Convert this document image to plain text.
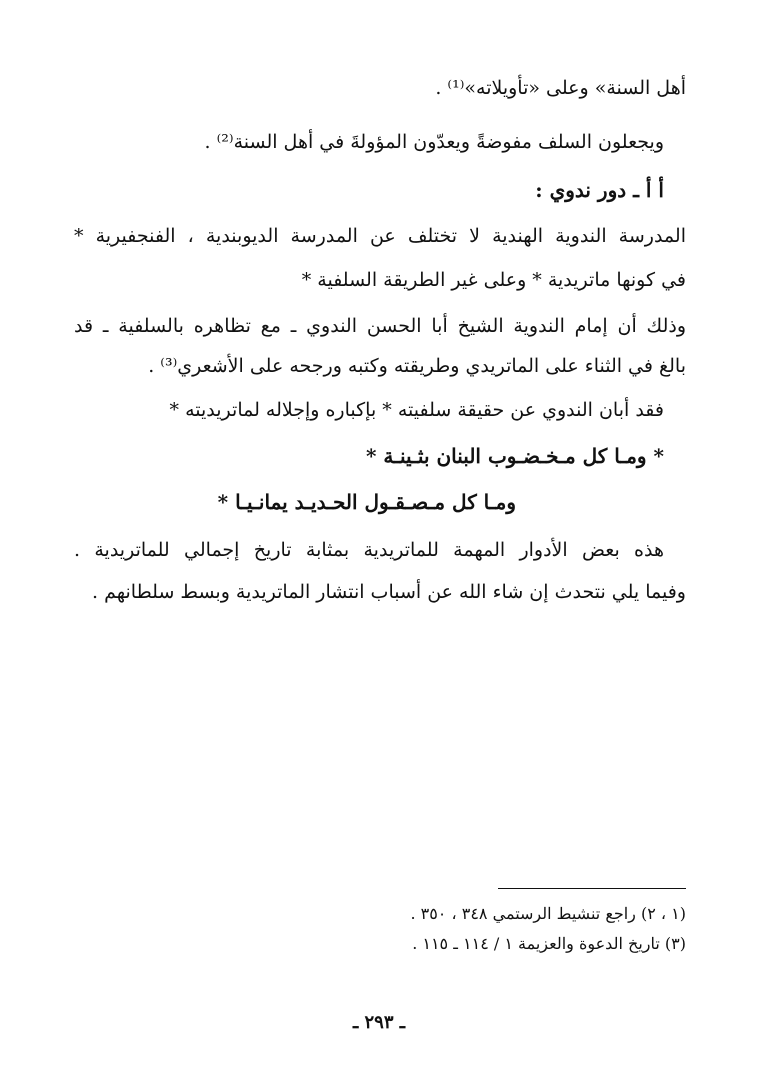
أهل السنة» وعلى «تأويلاته»⁽¹⁾ .
ويجعلون السلف مفوضةً ويعدّون المؤولةَ في أهل السنة⁽²⁾ .
أ أ ـ دور ندوي :
المدرسة الندوية الهندية لا تختلف عن المدرسة الديوبندية ، الفنجفيرية *
في كونها ماتريدية * وعلى غير الطريقة السلفية *
وذلك أن إمام الندوية الشيخ أبا الحسن الندوي ـ مع تظاهره بالسلفية ـ قد
بالغ في الثناء على الماتريدي وطريقته وكتبه ورجحه على الأشعري⁽³⁾ .
فقد أبان الندوي عن حقيقة سلفيته * بإكباره وإجلاله لماتريديته *
* ومـا كل مـخـضـوب البنان بثـينـة *
ومـا كل مـصـقـول الحـديـد يمانـيـا *
هذه بعض الأدوار المهمة للماتريدية بمثابة تاريخ إجمالي للماتريدية .
وفيما يلي نتحدث إن شاء الله عن أسباب انتشار الماتريدية وبسط سلطانهم .
(١ ، ٢) راجع تنشيط الرستمي ٣٤٨ ، ٣٥٠ .
(٣) تاريخ الدعوة والعزيمة ١ / ١١٤ ـ ١١٥ .
ـ ٢٩٣ ـ
